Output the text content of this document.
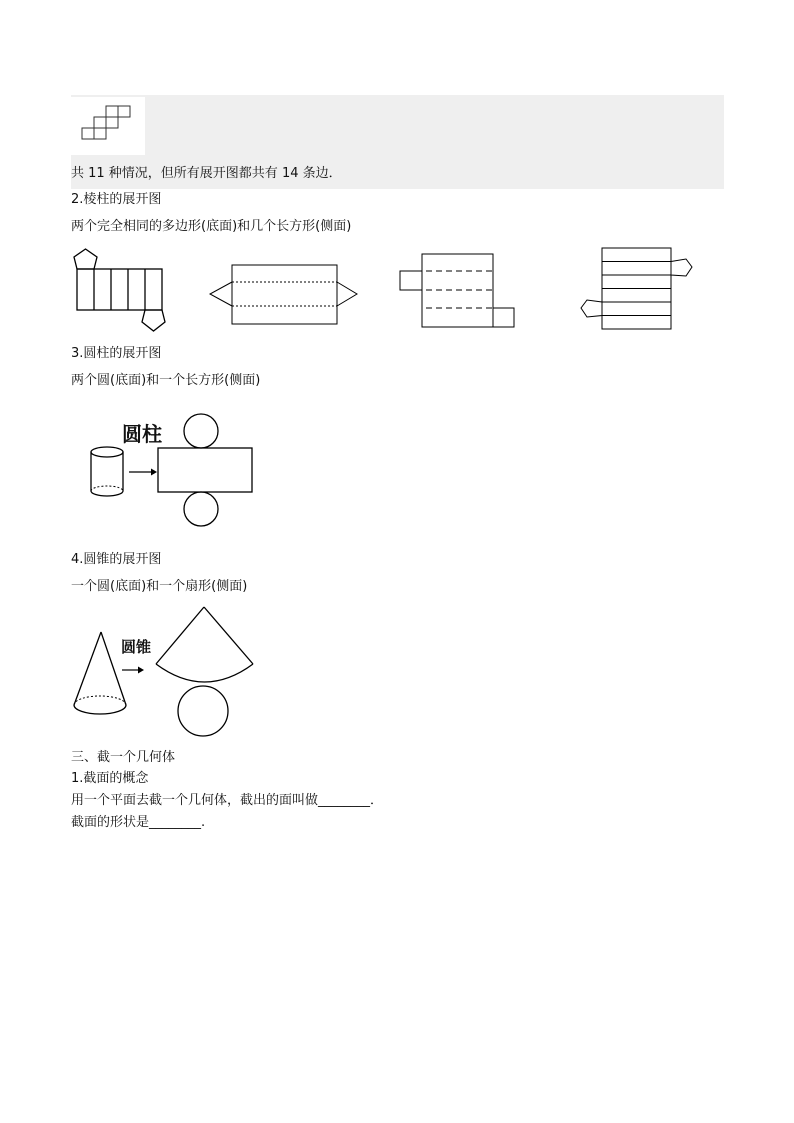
共 11 种情况，但所有展开图都共有 14 条边．
2.棱柱的展开图
两个完全相同的多边形(底面)和几个长方形(侧面)
3.圆柱的展开图
两个圆(底面)和一个长方形(侧面)
圆柱
4.圆锥的展开图
一个圆(底面)和一个扇形(侧面)
圆锥
三、截一个几何体
1.截面的概念
用一个平面去截一个几何体，截出的面叫做________．
截面的形状是________.
